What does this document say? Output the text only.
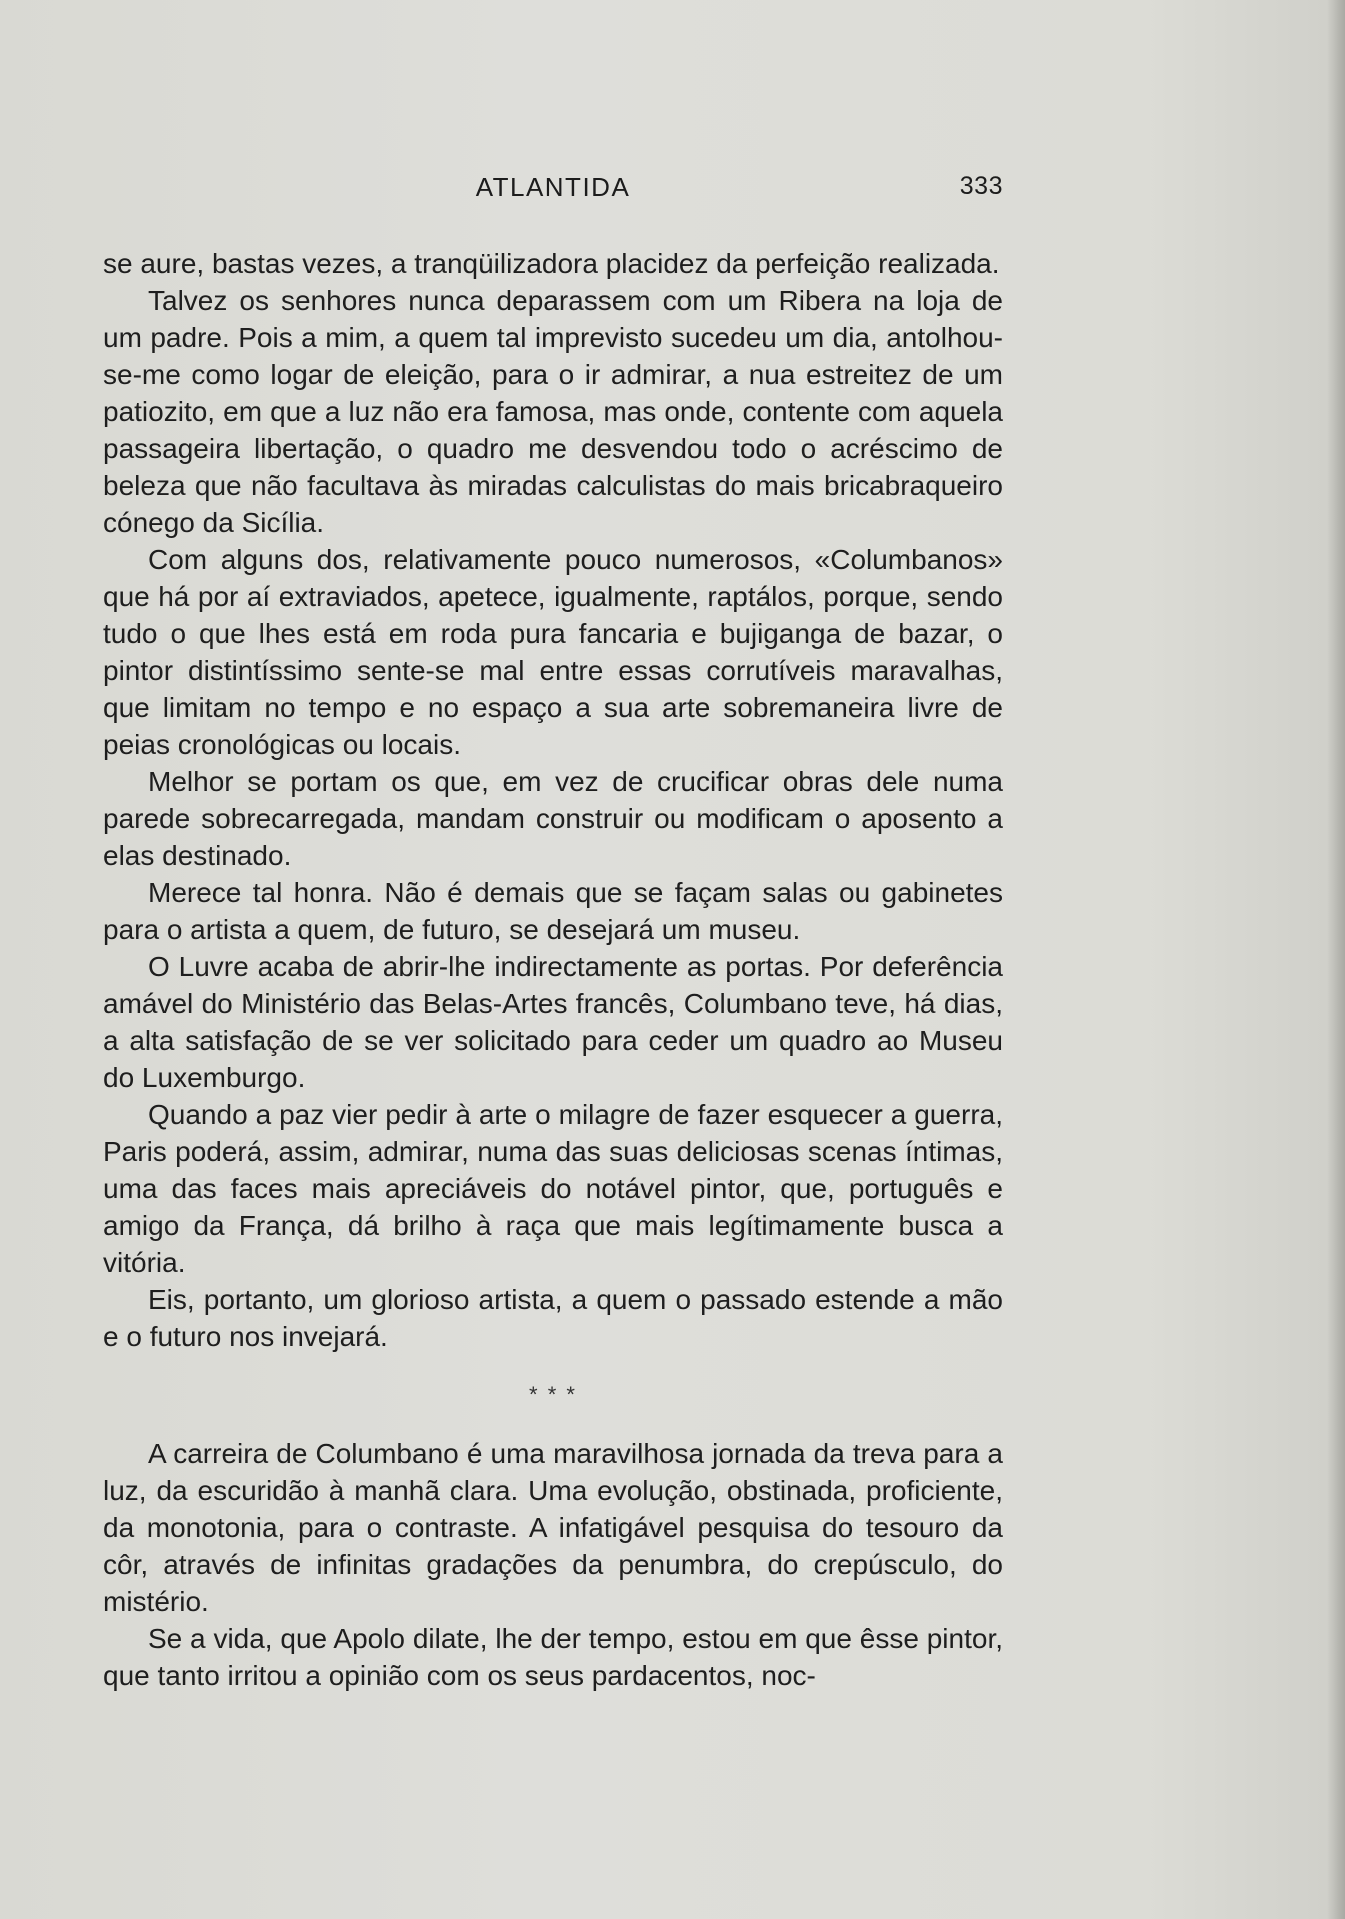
ATLANTIDA	333

se aure, bastas vezes, a tranqüilizadora placidez da perfeição realizada.

Talvez os senhores nunca deparassem com um Ribera na loja de um padre. Pois a mim, a quem tal imprevisto sucedeu um dia, antolhou-se-me como logar de eleição, para o ir admirar, a nua estreitez de um patiozito, em que a luz não era famosa, mas onde, contente com aquela passageira libertação, o quadro me desvendou todo o acréscimo de beleza que não facultava às miradas calculistas do mais bricabraqueiro cónego da Sicília.

Com alguns dos, relativamente pouco numerosos, «Columbanos» que há por aí extraviados, apetece, igualmente, raptálos, porque, sendo tudo o que lhes está em roda pura fancaria e bujiganga de bazar, o pintor distintíssimo sente-se mal entre essas corrutíveis maravalhas, que limitam no tempo e no espaço a sua arte sobremaneira livre de peias cronológicas ou locais.

Melhor se portam os que, em vez de crucificar obras dele numa parede sobrecarregada, mandam construir ou modificam o aposento a elas destinado.

Merece tal honra. Não é demais que se façam salas ou gabinetes para o artista a quem, de futuro, se desejará um museu.

O Luvre acaba de abrir-lhe indirectamente as portas. Por deferência amável do Ministério das Belas-Artes francês, Columbano teve, há dias, a alta satisfação de se ver solicitado para ceder um quadro ao Museu do Luxemburgo.

Quando a paz vier pedir à arte o milagre de fazer esquecer a guerra, Paris poderá, assim, admirar, numa das suas deliciosas scenas íntimas, uma das faces mais apreciáveis do notável pintor, que, português e amigo da França, dá brilho à raça que mais legítimamente busca a vitória.

Eis, portanto, um glorioso artista, a quem o passado estende a mão e o futuro nos invejará.

* * *

A carreira de Columbano é uma maravilhosa jornada da treva para a luz, da escuridão à manhã clara. Uma evolução, obstinada, proficiente, da monotonia, para o contraste. A infatigável pesquisa do tesouro da côr, através de infinitas gradações da penumbra, do crepúsculo, do mistério.

Se a vida, que Apolo dilate, lhe der tempo, estou em que êsse pintor, que tanto irritou a opinião com os seus pardacentos, noc-
